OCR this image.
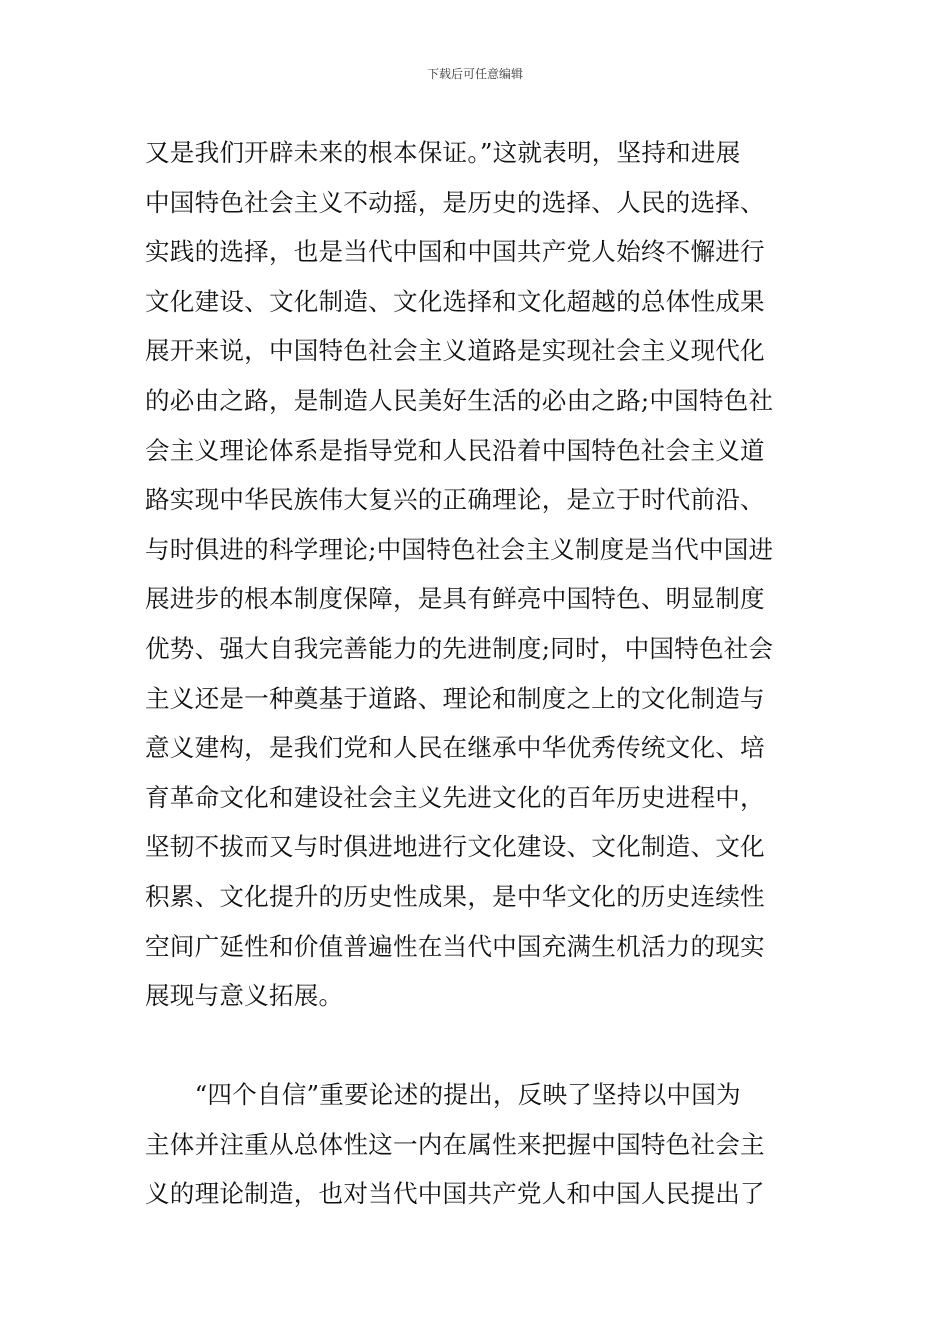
下载后可任意编辑
又是我们开辟未来的根本保证。”这就表明，坚持和进展
中国特色社会主义不动摇，是历史的选择、人民的选择、
实践的选择，也是当代中国和中国共产党人始终不懈进行
文化建设、文化制造、文化选择和文化超越的总体性成果
展开来说，中国特色社会主义道路是实现社会主义现代化
的必由之路，是制造人民美好生活的必由之路;中国特色社
会主义理论体系是指导党和人民沿着中国特色社会主义道
路实现中华民族伟大复兴的正确理论，是立于时代前沿、
与时俱进的科学理论;中国特色社会主义制度是当代中国进
展进步的根本制度保障，是具有鲜亮中国特色、明显制度
优势、强大自我完善能力的先进制度;同时，中国特色社会
主义还是一种奠基于道路、理论和制度之上的文化制造与
意义建构，是我们党和人民在继承中华优秀传统文化、培
育革命文化和建设社会主义先进文化的百年历史进程中，
坚韧不拔而又与时俱进地进行文化建设、文化制造、文化
积累、文化提升的历史性成果，是中华文化的历史连续性
空间广延性和价值普遍性在当代中国充满生机活力的现实
展现与意义拓展。
　　“四个自信”重要论述的提出，反映了坚持以中国为
主体并注重从总体性这一内在属性来把握中国特色社会主
义的理论制造，也对当代中国共产党人和中国人民提出了
